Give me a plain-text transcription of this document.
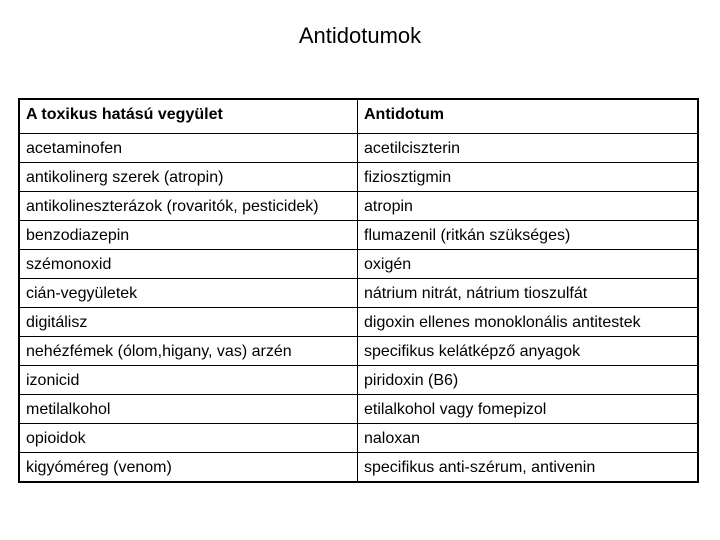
Antidotumok
A toxikus hatású vegyület	Antidotum
acetaminofen	acetilciszterin
antikolinerg szerek (atropin)	fiziosztigmin
antikolineszterázok (rovaritók, pesticidek)	atropin
benzodiazepin	flumazenil (ritkán szükséges)
szémonoxid	oxigén
cián-vegyületek	nátrium nitrát, nátrium tioszulfát
digitálisz	digoxin ellenes monoklonális antitestek
nehézfémek (ólom,higany, vas) arzén	specifikus kelátképző anyagok
izonicid	piridoxin (B6)
metilalkohol	etilalkohol vagy fomepizol
opioidok	naloxan
kigyóméreg (venom)	specifikus anti-szérum, antivenin
